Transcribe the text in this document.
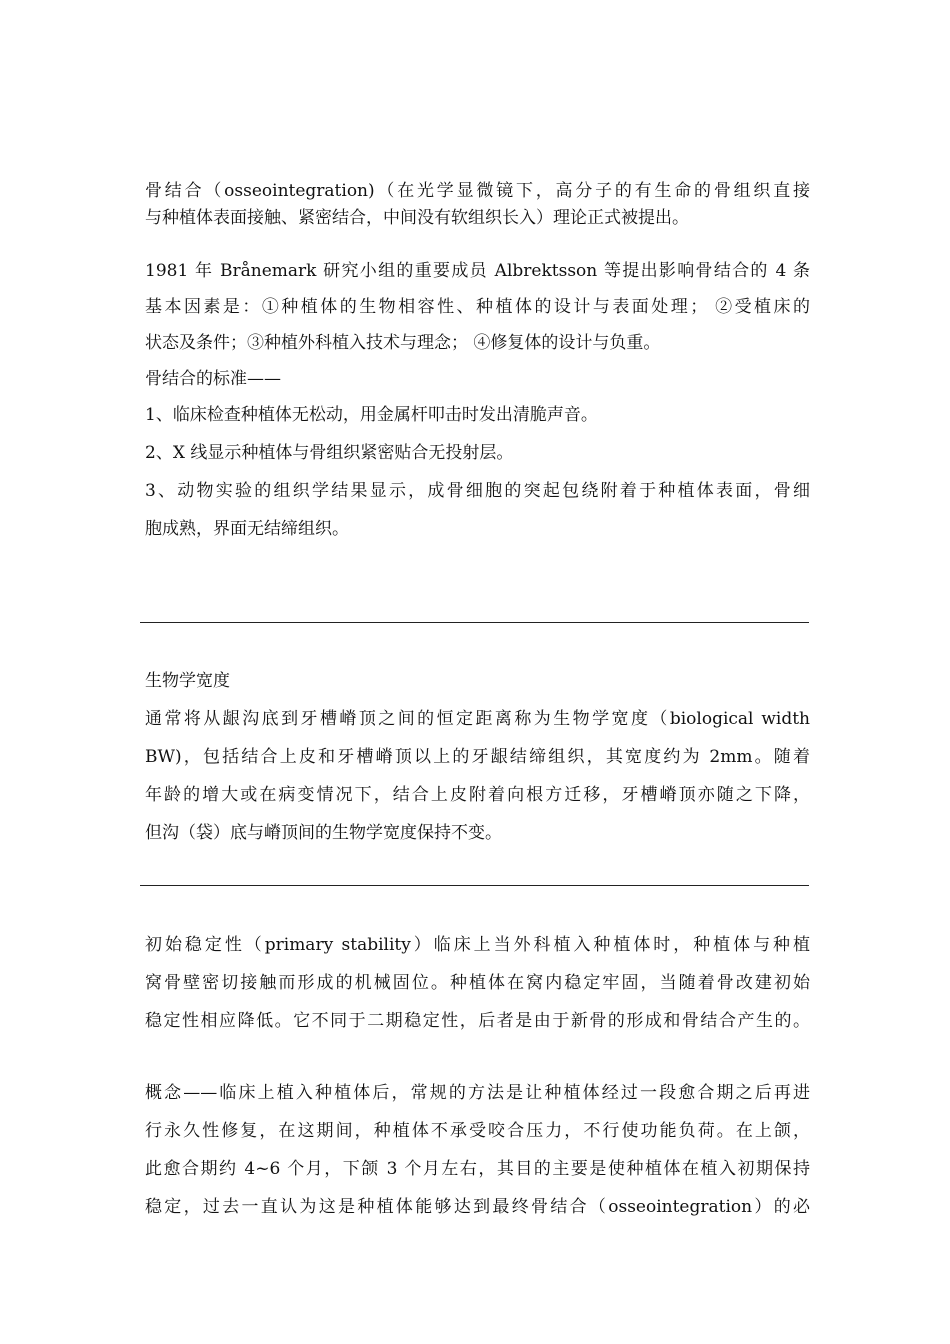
骨结合（osseointegration)（在光学显微镜下，高分子的有生命的骨组织直接
与种植体表面接触、紧密结合，中间没有软组织长入）理论正式被提出。
1981 年 Brånemark 研究小组的重要成员 Albrektsson 等提出影响骨结合的 4 条
基本因素是：①种植体的生物相容性、种植体的设计与表面处理； ②受植床的
状态及条件；③种植外科植入技术与理念； ④修复体的设计与负重。
骨结合的标准——
1、临床检查种植体无松动，用金属杆叩击时发出清脆声音。
2、X 线显示种植体与骨组织紧密贴合无投射层。
3、动物实验的组织学结果显示，成骨细胞的突起包绕附着于种植体表面，骨细
胞成熟，界面无结缔组织。
生物学宽度
通常将从龈沟底到牙槽嵴顶之间的恒定距离称为生物学宽度（biological width
BW)，包括结合上皮和牙槽嵴顶以上的牙龈结缔组织，其宽度约为 2mm。随着
年龄的增大或在病变情况下，结合上皮附着向根方迁移，牙槽嵴顶亦随之下降，
但沟（袋）底与嵴顶间的生物学宽度保持不变。
初始稳定性（primary stability）临床上当外科植入种植体时，种植体与种植
窝骨壁密切接触而形成的机械固位。种植体在窝内稳定牢固，当随着骨改建初始
稳定性相应降低。它不同于二期稳定性，后者是由于新骨的形成和骨结合产生的。
概念——临床上植入种植体后，常规的方法是让种植体经过一段愈合期之后再进
行永久性修复，在这期间，种植体不承受咬合压力，不行使功能负荷。在上颌，
此愈合期约 4~6 个月，下颌 3 个月左右，其目的主要是使种植体在植入初期保持
稳定，过去一直认为这是种植体能够达到最终骨结合（osseointegration）的必
